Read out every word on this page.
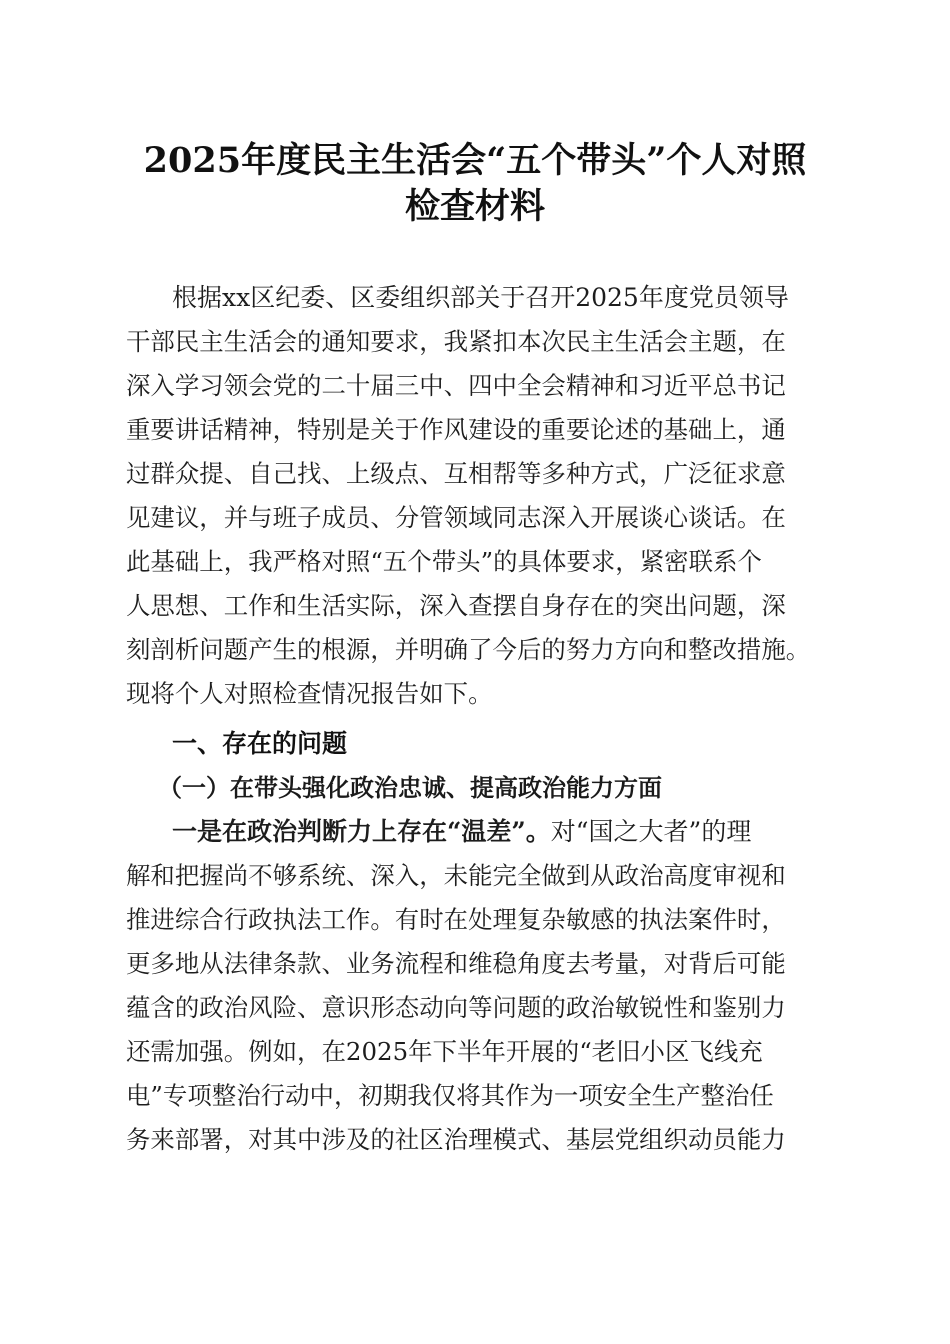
2025年度民主生活会“五个带头”个人对照
检查材料
根据xx区纪委、区委组织部关于召开2025年度党员领导
干部民主生活会的通知要求，我紧扣本次民主生活会主题，在
深入学习领会党的二十届三中、四中全会精神和习近平总书记
重要讲话精神，特别是关于作风建设的重要论述的基础上，通
过群众提、自己找、上级点、互相帮等多种方式，广泛征求意
见建议，并与班子成员、分管领域同志深入开展谈心谈话。在
此基础上，我严格对照“五个带头”的具体要求，紧密联系个
人思想、工作和生活实际，深入查摆自身存在的突出问题，深
刻剖析问题产生的根源，并明确了今后的努力方向和整改措施。
现将个人对照检查情况报告如下。
一、存在的问题
（一）在带头强化政治忠诚、提高政治能力方面
一是在政治判断力上存在“温差”。对“国之大者”的理
解和把握尚不够系统、深入，未能完全做到从政治高度审视和
推进综合行政执法工作。有时在处理复杂敏感的执法案件时，
更多地从法律条款、业务流程和维稳角度去考量，对背后可能
蕴含的政治风险、意识形态动向等问题的政治敏锐性和鉴别力
还需加强。例如，在2025年下半年开展的“老旧小区飞线充
电”专项整治行动中，初期我仅将其作为一项安全生产整治任
务来部署，对其中涉及的社区治理模式、基层党组织动员能力
